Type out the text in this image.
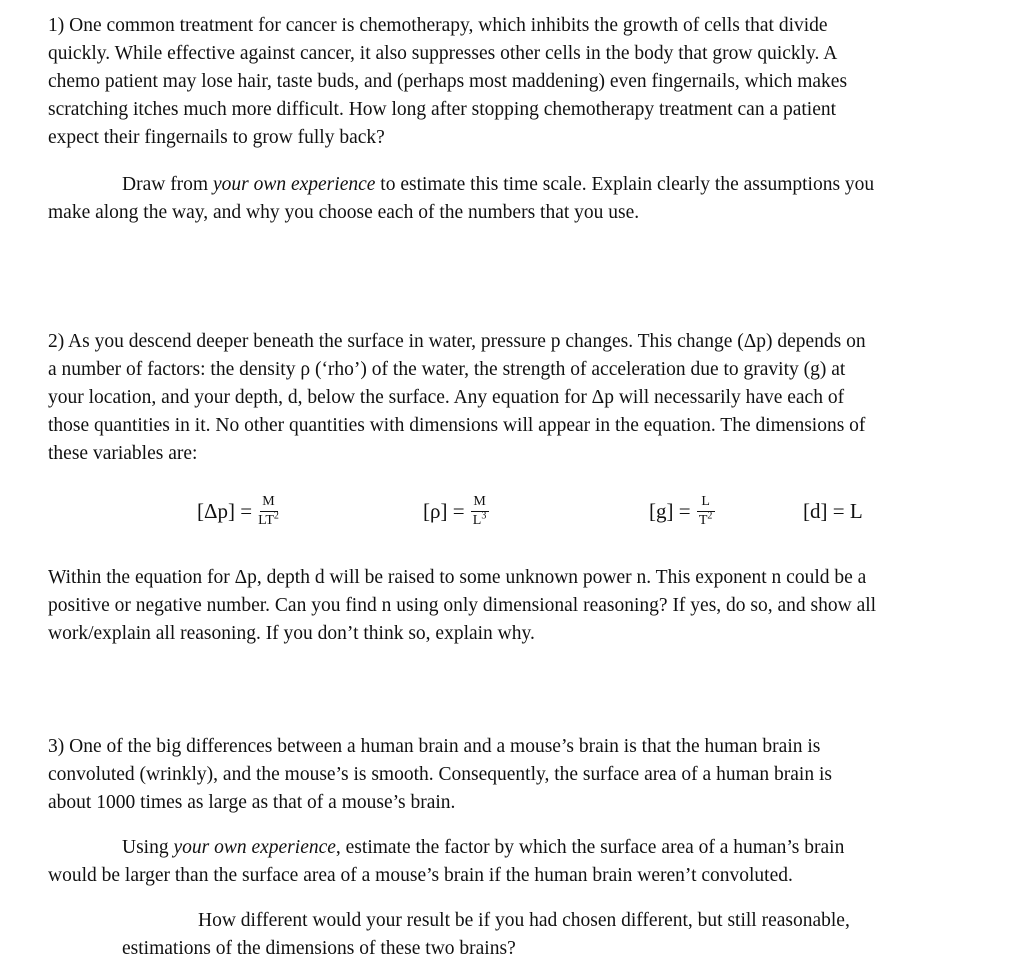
1) One common treatment for cancer is chemotherapy, which inhibits the growth of cells that divide
quickly. While effective against cancer, it also suppresses other cells in the body that grow quickly. A
chemo patient may lose hair, taste buds, and (perhaps most maddening) even fingernails, which makes
scratching itches much more difficult. How long after stopping chemotherapy treatment can a patient
expect their fingernails to grow fully back?
Draw from your own experience to estimate this time scale. Explain clearly the assumptions you
make along the way, and why you choose each of the numbers that you use.
2) As you descend deeper beneath the surface in water, pressure p changes. This change (Δp) depends on
a number of factors: the density ρ (‘rho’) of the water, the strength of acceleration due to gravity (g) at
your location, and your depth, d, below the surface. Any equation for Δp will necessarily have each of
those quantities in it. No other quantities with dimensions will appear in the equation. The dimensions of
these variables are:
$[\Delta p] = \frac{M}{LT^2}$	$[\rho] = \frac{M}{L^3}$	$[g] = \frac{L}{T^2}$	[d] = L
Within the equation for Δp, depth d will be raised to some unknown power n. This exponent n could be a
positive or negative number. Can you find n using only dimensional reasoning? If yes, do so, and show all
work/explain all reasoning. If you don’t think so, explain why.
3) One of the big differences between a human brain and a mouse’s brain is that the human brain is
convoluted (wrinkly), and the mouse’s is smooth. Consequently, the surface area of a human brain is
about 1000 times as large as that of a mouse’s brain.
Using your own experience, estimate the factor by which the surface area of a human’s brain
would be larger than the surface area of a mouse’s brain if the human brain weren’t convoluted.
How different would your result be if you had chosen different, but still reasonable,
estimations of the dimensions of these two brains?
